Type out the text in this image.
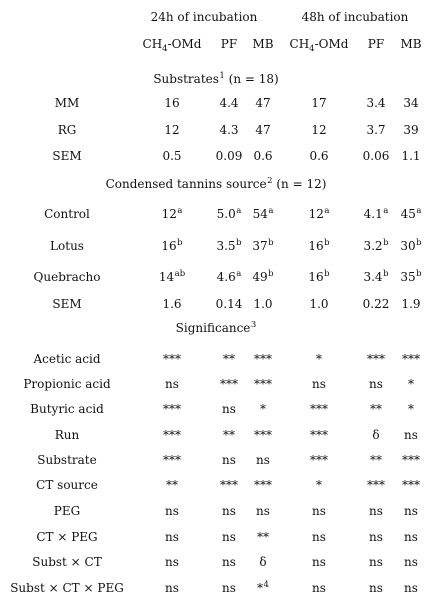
24h of incubation	48h of incubation
$CH_4$-OMd PF MB $CH_4$-OMd PF MB
Substrates$^1$ (n = 18)
MM	16	4.4 47	17	3.4 34
RG	12	4.3 47	12	3.7 39
SEM	0.5	0.09 0.6	0.6	0.06 1.1
Condensed tannins source$^2$ (n = 12)
Control	12$^a$	5.0$^a$ 54$^a$	12$^a$	4.1$^a$ 45$^a$
Lotus	16$^b$	3.5$^b$ 37$^b$	16$^b$	3.2$^b$ 30$^b$
Quebracho	$14^{ab}$	4.6$^a$ 49$^b$	16$^b$	3.4$^b$ 35$^b$
SEM	1.6	0.14 1.0	1.0	0.22 1.9
Significance$^3$
Acetic acid	***	** ***	*	*** ***
Propionic acid	ns	*** ***	ns	ns *
Butyric acid	***	ns *	***	** *
Run	***	** ***	***	δ ns
Substrate	***	ns ns	***	** ***
CT source	**	*** ***	*	*** ***
PEG	ns	ns ns	ns	ns ns
CT × PEG	ns	ns **	ns	ns ns
Subst × CT	ns	ns δ	ns	ns ns
Subst × CT × PEG	ns	ns *$^4$	ns	ns ns
